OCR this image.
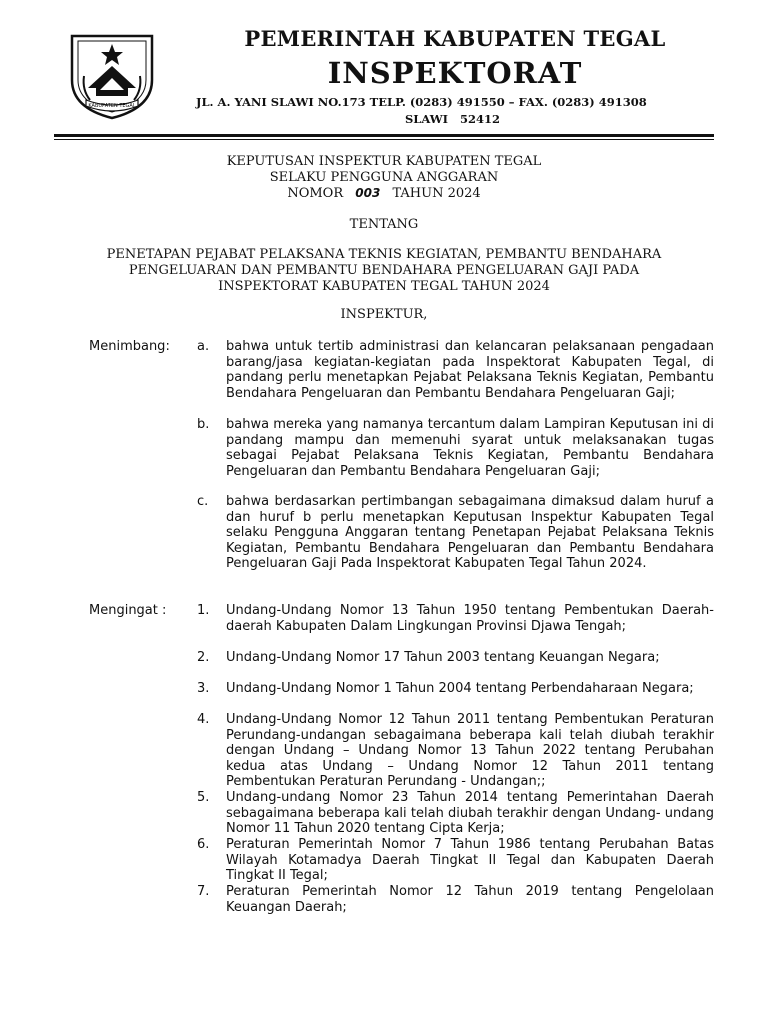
KABUPATEN TEGAL
PEMERINTAH KABUPATEN TEGAL
INSPEKTORAT
JL. A. YANI SLAWI NO.173 TELP. (0283) 491550 – FAX. (0283) 491308
SLAWI 52412
KEPUTUSAN INSPEKTUR KABUPATEN TEGAL
SELAKU PENGGUNA ANGGARAN
NOMOR 003 TAHUN 2024
TENTANG
PENETAPAN PEJABAT PELAKSANA TEKNIS KEGIATAN, PEMBANTU BENDAHARA
PENGELUARAN DAN PEMBANTU BENDAHARA PENGELUARAN GAJI PADA
INSPEKTORAT KABUPATEN TEGAL TAHUN 2024
INSPEKTUR,
Menimbang: a. bahwa untuk tertib administrasi dan kelancaran pelaksanaan pengadaan barang/jasa kegiatan-kegiatan pada Inspektorat Kabupaten Tegal, di pandang perlu menetapkan Pejabat Pelaksana Teknis Kegiatan, Pembantu Bendahara Pengeluaran dan Pembantu Bendahara Pengeluaran Gaji;
b. bahwa mereka yang namanya tercantum dalam Lampiran Keputusan ini di pandang mampu dan memenuhi syarat untuk melaksanakan tugas sebagai Pejabat Pelaksana Teknis Kegiatan, Pembantu Bendahara Pengeluaran dan Pembantu Bendahara Pengeluaran Gaji;
c. bahwa berdasarkan pertimbangan sebagaimana dimaksud dalam huruf a dan huruf b perlu menetapkan Keputusan Inspektur Kabupaten Tegal selaku Pengguna Anggaran tentang Penetapan Pejabat Pelaksana Teknis Kegiatan, Pembantu Bendahara Pengeluaran dan Pembantu Bendahara Pengeluaran Gaji Pada Inspektorat Kabupaten Tegal Tahun 2024.
Mengingat : 1. Undang-Undang Nomor 13 Tahun 1950 tentang Pembentukan Daerah-daerah Kabupaten Dalam Lingkungan Provinsi Djawa Tengah;
2. Undang-Undang Nomor 17 Tahun 2003 tentang Keuangan Negara;
3. Undang-Undang Nomor 1 Tahun 2004 tentang Perbendaharaan Negara;
4. Undang-Undang Nomor 12 Tahun 2011 tentang Pembentukan Peraturan Perundang-undangan sebagaimana beberapa kali telah diubah terakhir dengan Undang – Undang Nomor 13 Tahun 2022 tentang Perubahan kedua atas Undang – Undang Nomor 12 Tahun 2011 tentang Pembentukan Peraturan Perundang - Undangan;;
5. Undang-undang Nomor 23 Tahun 2014 tentang Pemerintahan Daerah sebagaimana beberapa kali telah diubah terakhir dengan Undang- undang Nomor 11 Tahun 2020 tentang Cipta Kerja;
6. Peraturan Pemerintah Nomor 7 Tahun 1986 tentang Perubahan Batas Wilayah Kotamadya Daerah Tingkat II Tegal dan Kabupaten Daerah Tingkat II Tegal;
7. Peraturan Pemerintah Nomor 12 Tahun 2019 tentang Pengelolaan Keuangan Daerah;
